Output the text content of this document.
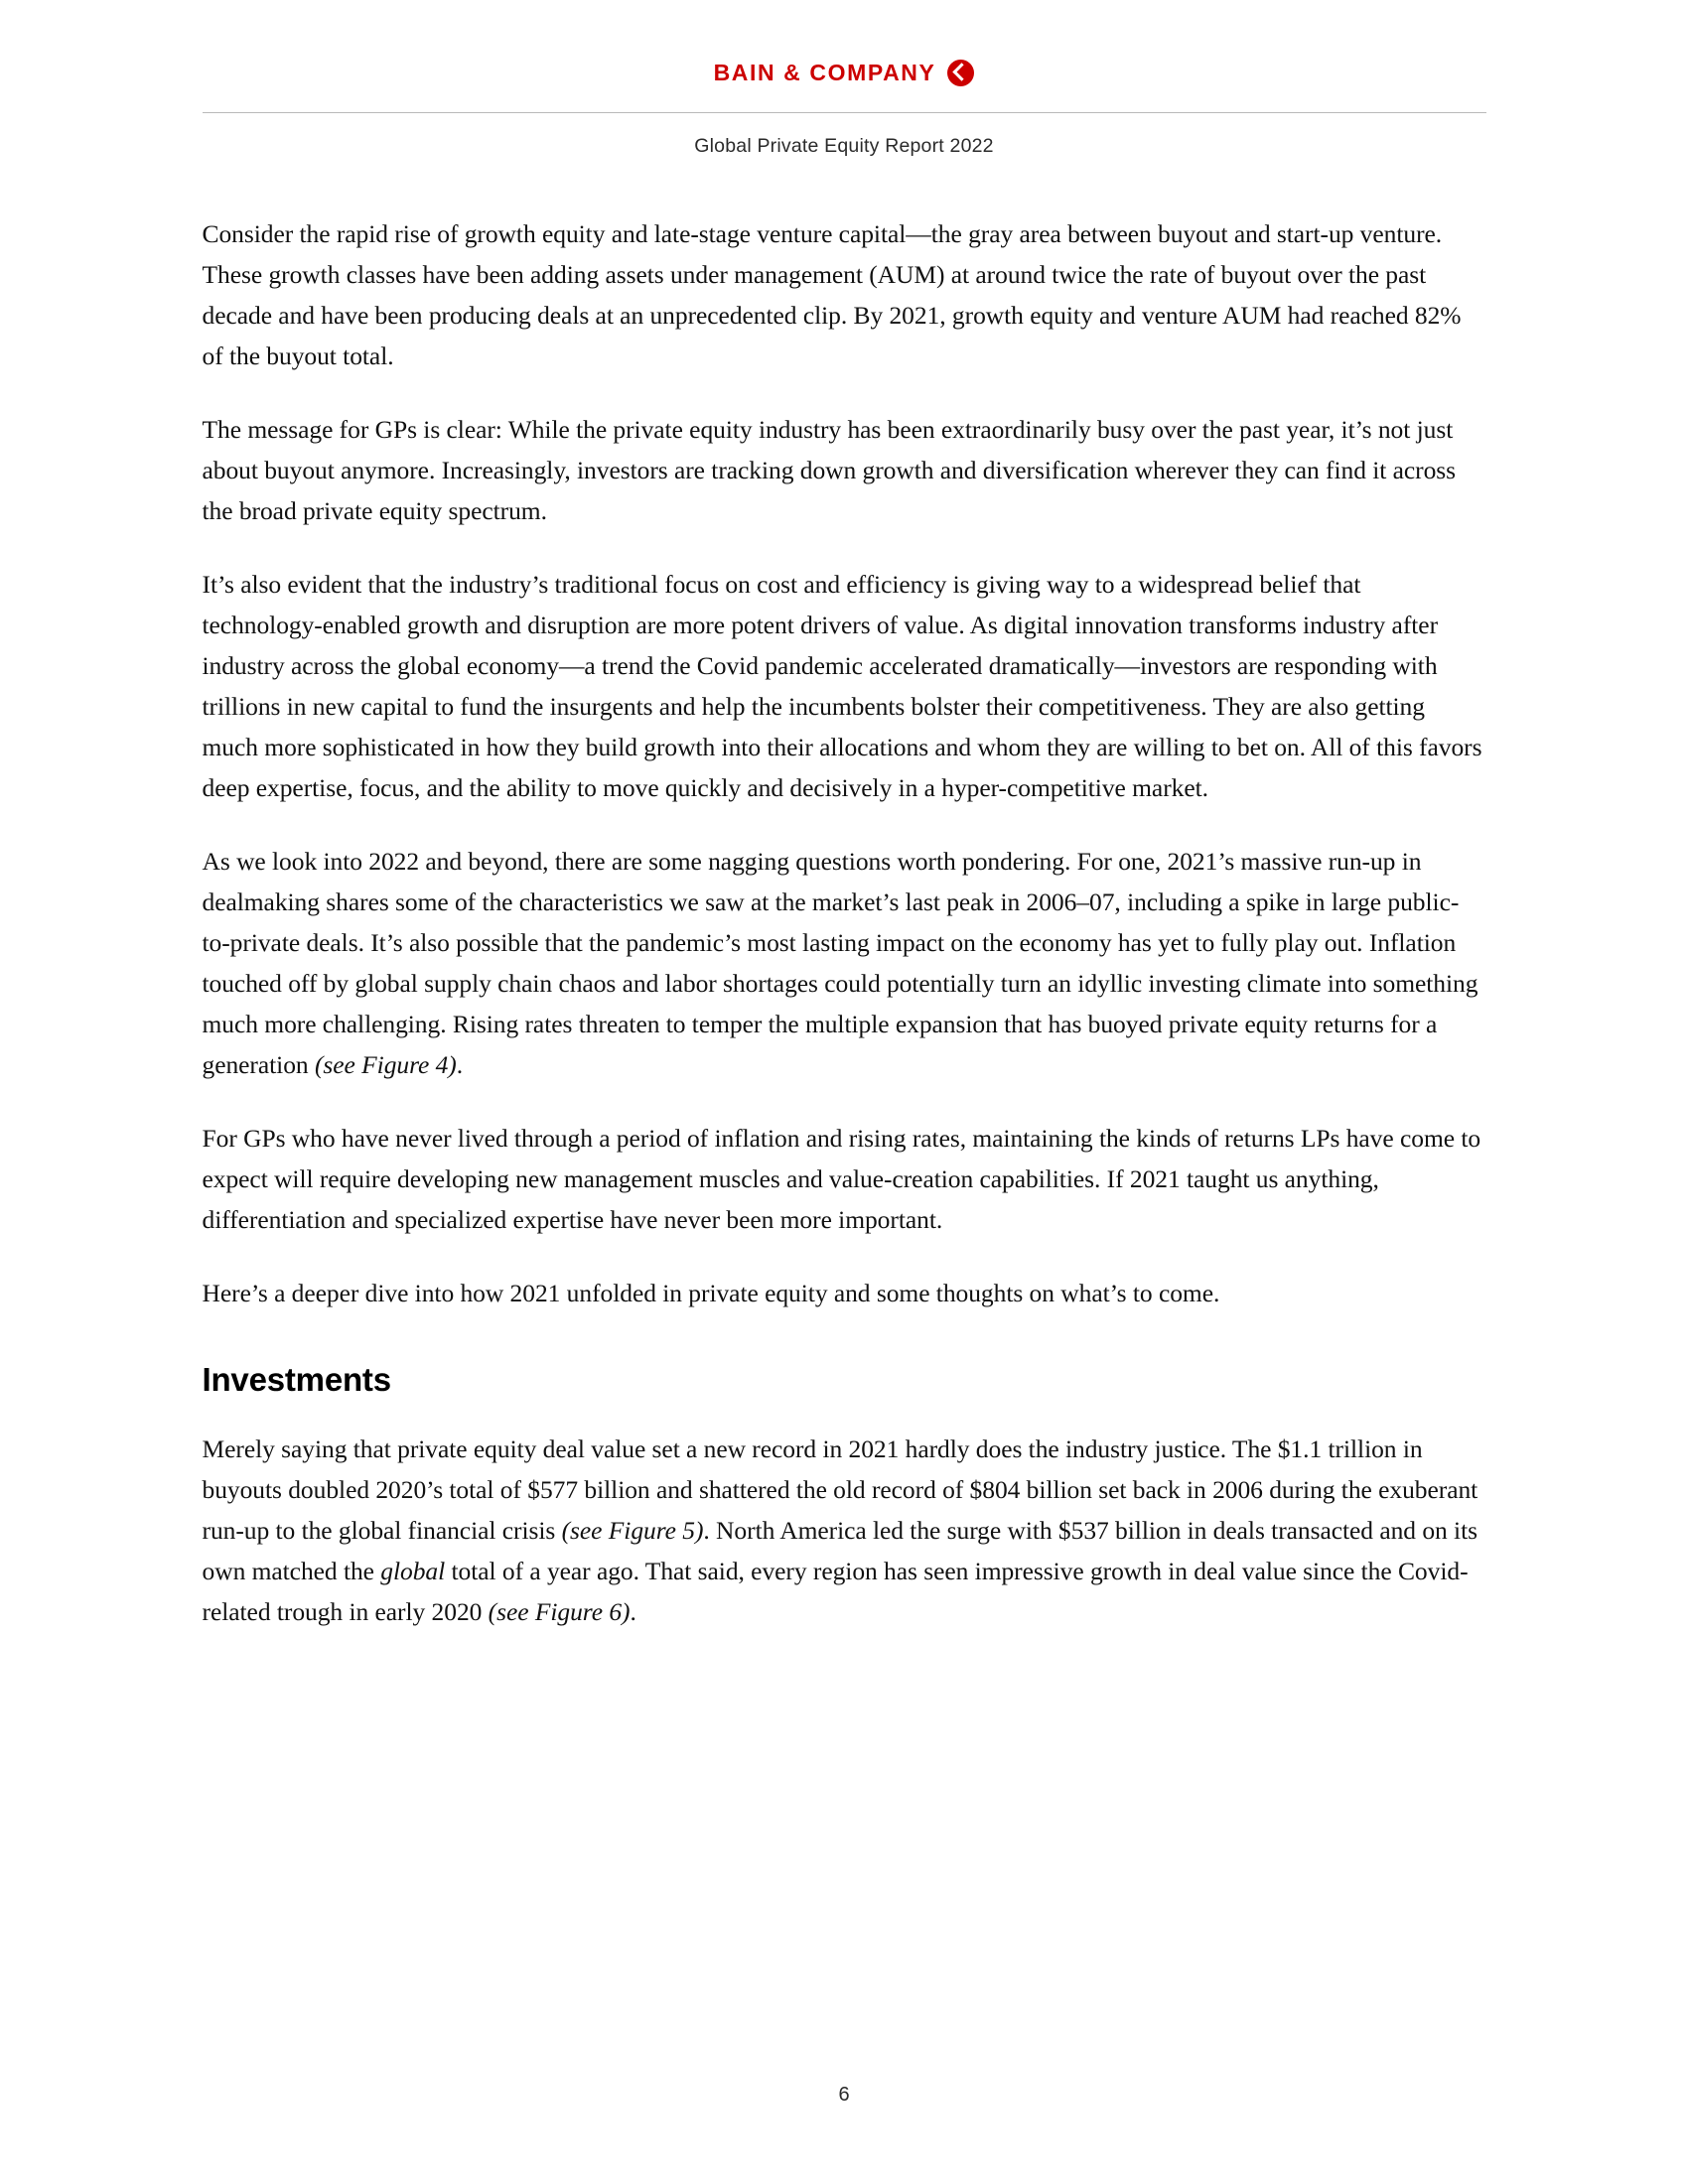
BAIN & COMPANY
Global Private Equity Report 2022

Consider the rapid rise of growth equity and late-stage venture capital—the gray area between buyout and start-up venture. These growth classes have been adding assets under management (AUM) at around twice the rate of buyout over the past decade and have been producing deals at an unprecedented clip. By 2021, growth equity and venture AUM had reached 82% of the buyout total.

The message for GPs is clear: While the private equity industry has been extraordinarily busy over the past year, it’s not just about buyout anymore. Increasingly, investors are tracking down growth and diversification wherever they can find it across the broad private equity spectrum.

It’s also evident that the industry’s traditional focus on cost and efficiency is giving way to a widespread belief that technology-enabled growth and disruption are more potent drivers of value. As digital innovation transforms industry after industry across the global economy—a trend the Covid pandemic accelerated dramatically—investors are responding with trillions in new capital to fund the insurgents and help the incumbents bolster their competitiveness. They are also getting much more sophisticated in how they build growth into their allocations and whom they are willing to bet on. All of this favors deep expertise, focus, and the ability to move quickly and decisively in a hyper-competitive market.

As we look into 2022 and beyond, there are some nagging questions worth pondering. For one, 2021’s massive run-up in dealmaking shares some of the characteristics we saw at the market’s last peak in 2006–07, including a spike in large public-to-private deals. It’s also possible that the pandemic’s most lasting impact on the economy has yet to fully play out. Inflation touched off by global supply chain chaos and labor shortages could potentially turn an idyllic investing climate into something much more challenging. Rising rates threaten to temper the multiple expansion that has buoyed private equity returns for a generation (see Figure 4).

For GPs who have never lived through a period of inflation and rising rates, maintaining the kinds of returns LPs have come to expect will require developing new management muscles and value-creation capabilities. If 2021 taught us anything, differentiation and specialized expertise have never been more important.

Here’s a deeper dive into how 2021 unfolded in private equity and some thoughts on what’s to come.

Investments

Merely saying that private equity deal value set a new record in 2021 hardly does the industry justice. The $1.1 trillion in buyouts doubled 2020’s total of $577 billion and shattered the old record of $804 billion set back in 2006 during the exuberant run-up to the global financial crisis (see Figure 5). North America led the surge with $537 billion in deals transacted and on its own matched the global total of a year ago. That said, every region has seen impressive growth in deal value since the Covid-related trough in early 2020 (see Figure 6).

6
